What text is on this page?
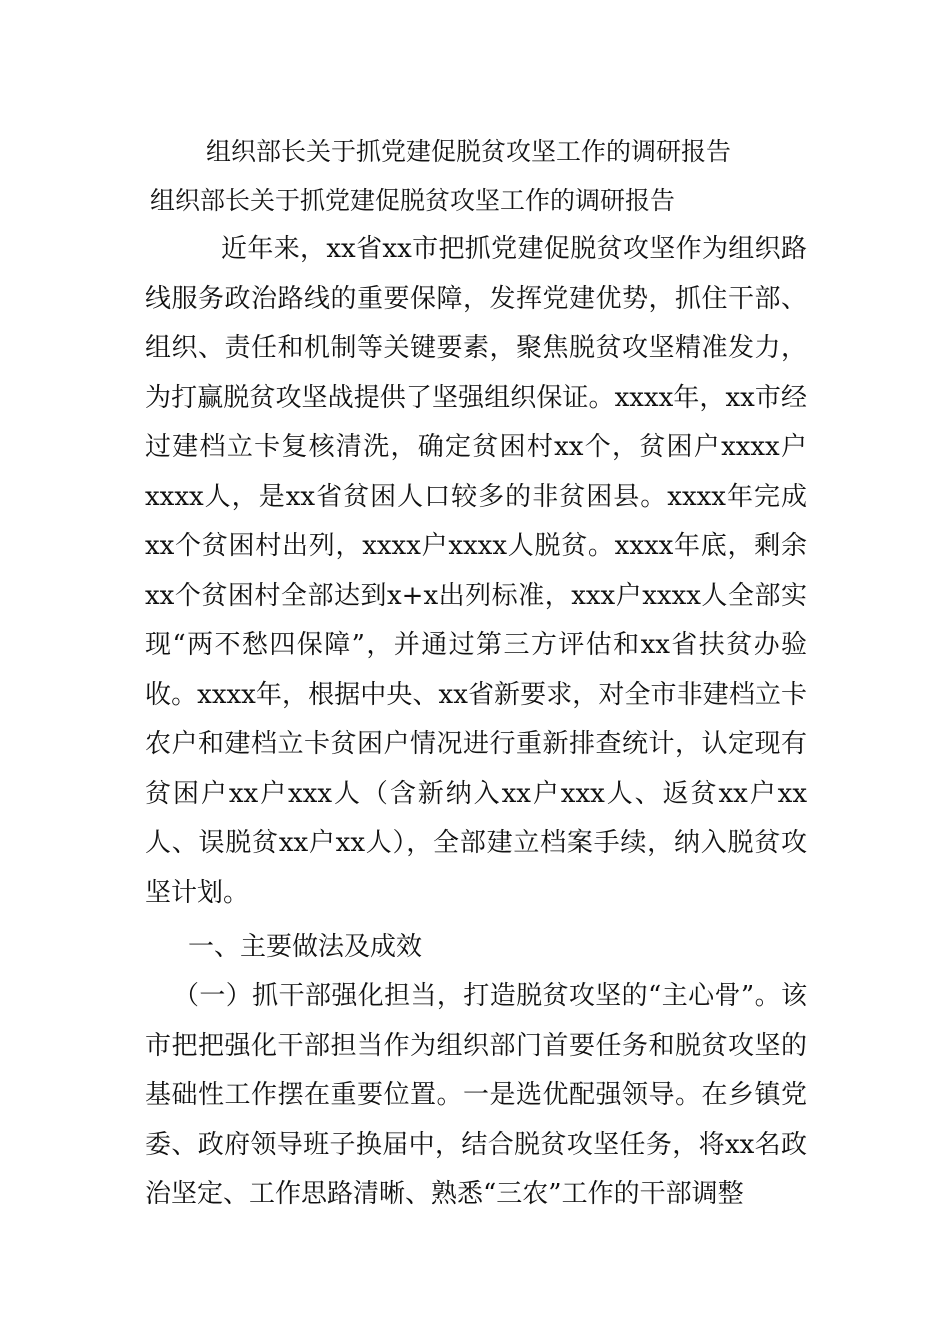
组织部长关于抓党建促脱贫攻坚工作的调研报告
组织部长关于抓党建促脱贫攻坚工作的调研报告

近年来，xx省xx市把抓党建促脱贫攻坚作为组织路线服务政治路线的重要保障，发挥党建优势，抓住干部、组织、责任和机制等关键要素，聚焦脱贫攻坚精准发力，为打赢脱贫攻坚战提供了坚强组织保证。xxxx年，xx市经过建档立卡复核清洗，确定贫困村xx个，贫困户xxxx户xxxx人，是xx省贫困人口较多的非贫困县。xxxx年完成xx个贫困村出列，xxxx户xxxx人脱贫。xxxx年底，剩余xx个贫困村全部达到x+x出列标准，xxx户xxxx人全部实现“两不愁四保障”，并通过第三方评估和xx省扶贫办验收。xxxx年，根据中央、xx省新要求，对全市非建档立卡农户和建档立卡贫困户情况进行重新排查统计，认定现有贫困户xx户xxx人（含新纳入xx户xxx人、返贫xx户xx人、误脱贫xx户xx人），全部建立档案手续，纳入脱贫攻坚计划。

一、主要做法及成效

（一）抓干部强化担当，打造脱贫攻坚的“主心骨”。该市把把强化干部担当作为组织部门首要任务和脱贫攻坚的基础性工作摆在重要位置。一是选优配强领导。在乡镇党委、政府领导班子换届中，结合脱贫攻坚任务，将xx名政治坚定、工作思路清晰、熟悉“三农”工作的干部调整
